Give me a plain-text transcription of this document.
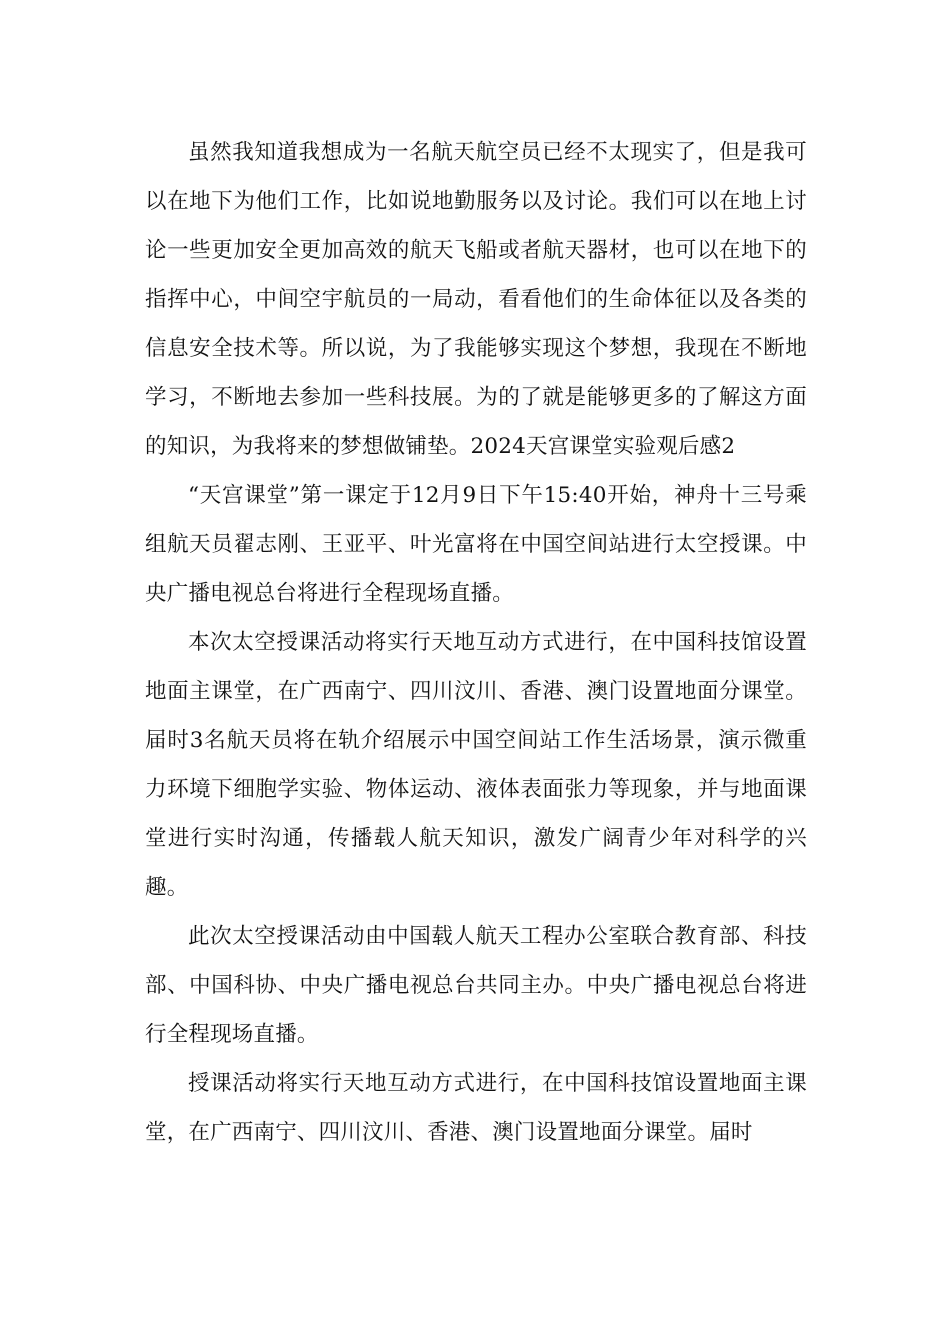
虽然我知道我想成为一名航天航空员已经不太现实了，但是我可以在地下为他们工作，比如说地勤服务以及讨论。我们可以在地上讨论一些更加安全更加高效的航天飞船或者航天器材，也可以在地下的指挥中心，中间空宇航员的一局动，看看他们的生命体征以及各类的信息安全技术等。所以说，为了我能够实现这个梦想，我现在不断地学习，不断地去参加一些科技展。为的了就是能够更多的了解这方面的知识，为我将来的梦想做铺垫。2024天宫课堂实验观后感2

“天宫课堂”第一课定于12月9日下午15:40开始，神舟十三号乘组航天员翟志刚、王亚平、叶光富将在中国空间站进行太空授课。中央广播电视总台将进行全程现场直播。

本次太空授课活动将实行天地互动方式进行，在中国科技馆设置地面主课堂，在广西南宁、四川汶川、香港、澳门设置地面分课堂。届时3名航天员将在轨介绍展示中国空间站工作生活场景，演示微重力环境下细胞学实验、物体运动、液体表面张力等现象，并与地面课堂进行实时沟通，传播载人航天知识，激发广阔青少年对科学的兴趣。

此次太空授课活动由中国载人航天工程办公室联合教育部、科技部、中国科协、中央广播电视总台共同主办。中央广播电视总台将进行全程现场直播。

授课活动将实行天地互动方式进行，在中国科技馆设置地面主课堂，在广西南宁、四川汶川、香港、澳门设置地面分课堂。届时
